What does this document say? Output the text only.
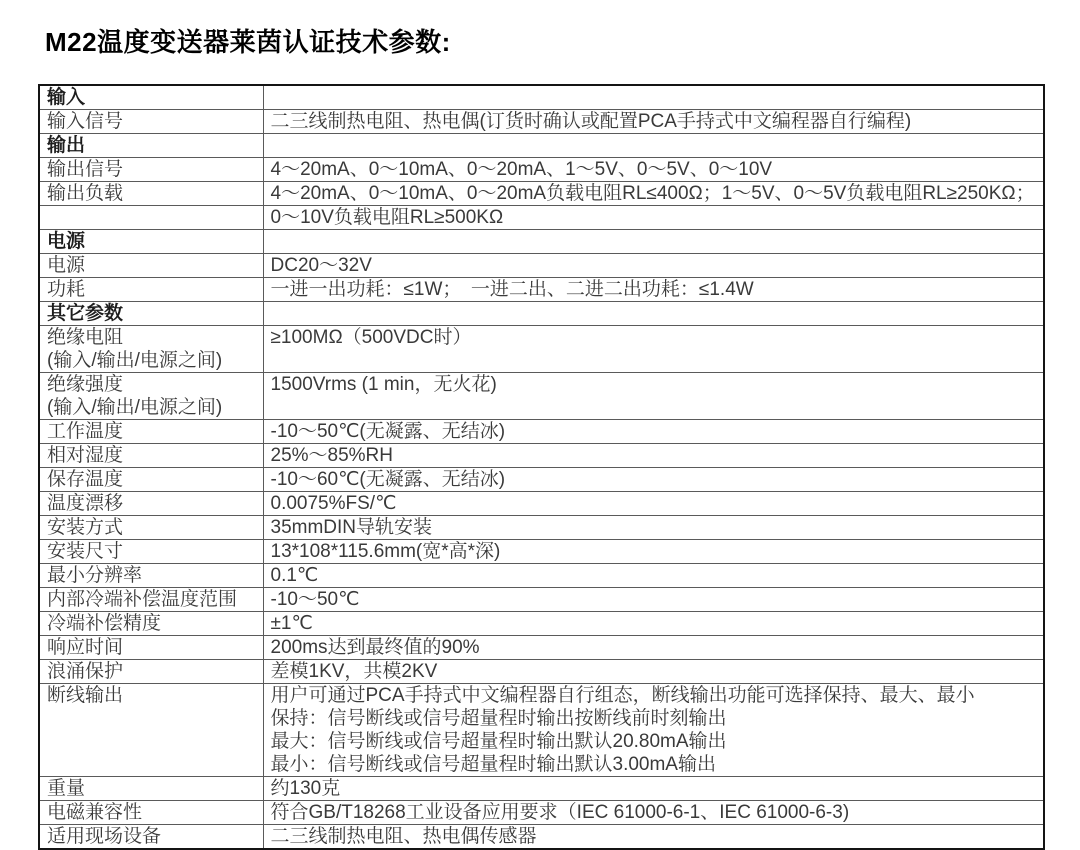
M22温度变送器莱茵认证技术参数:
输入	

输入信号	二三线制热电阻、热电偶(订货时确认或配置PCA手持式中文编程器自行编程)

输出	

输出信号	4～20mA、0～10mA、0～20mA、1～5V、0～5V、0～10V

输出负载	4～20mA、0～10mA、0～20mA负载电阻RL≤400Ω；1～5V、0～5V负载电阻RL≥250KΩ；

	0～10V负载电阻RL≥500KΩ

电源	

电源	DC20～32V

功耗	一进一出功耗：≤1W；　一进二出、二进二出功耗：≤1.4W

其它参数	

绝缘电阻
(输入/输出/电源之间)	≥100MΩ（500VDC时）

绝缘强度
(输入/输出/电源之间)	1500Vrms (1 min，无火花)

工作温度	-10～50℃(无凝露、无结冰)

相对湿度	25%～85%RH

保存温度	-10～60℃(无凝露、无结冰)

温度漂移	0.0075%FS/℃

安装方式	35mmDIN导轨安装

安装尺寸	13*108*115.6mm(宽*高*深)

最小分辨率	0.1℃

内部冷端补偿温度范围	-10～50℃

冷端补偿精度	±1℃

响应时间	200ms达到最终值的90%

浪涌保护	差模1KV，共模2KV

断线输出	用户可通过PCA手持式中文编程器自行组态，断线输出功能可选择保持、最大、最小
保持：信号断线或信号超量程时输出按断线前时刻输出
最大：信号断线或信号超量程时输出默认20.80mA输出
最小：信号断线或信号超量程时输出默认3.00mA输出

重量	约130克

电磁兼容性	符合GB/T18268工业设备应用要求（IEC 61000-6-1、IEC 61000-6-3)

适用现场设备	二三线制热电阻、热电偶传感器
